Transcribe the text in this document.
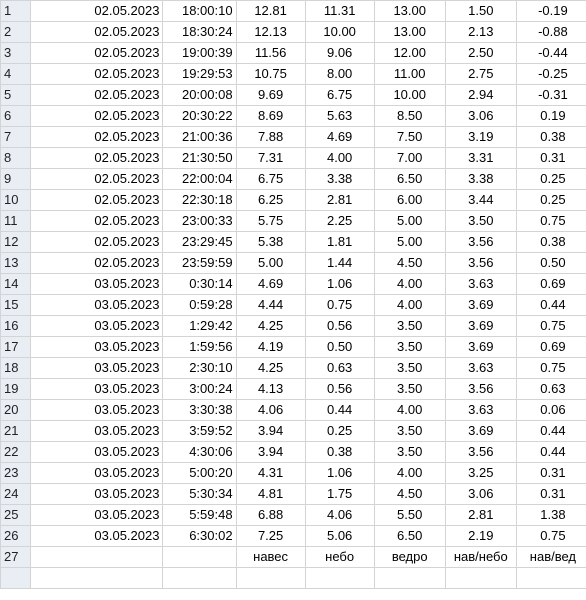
1	02.05.2023	18:00:10	12.81	11.31	13.00	1.50	-0.19
2	02.05.2023	18:30:24	12.13	10.00	13.00	2.13	-0.88
3	02.05.2023	19:00:39	11.56	9.06	12.00	2.50	-0.44
4	02.05.2023	19:29:53	10.75	8.00	11.00	2.75	-0.25
5	02.05.2023	20:00:08	9.69	6.75	10.00	2.94	-0.31
6	02.05.2023	20:30:22	8.69	5.63	8.50	3.06	0.19
7	02.05.2023	21:00:36	7.88	4.69	7.50	3.19	0.38
8	02.05.2023	21:30:50	7.31	4.00	7.00	3.31	0.31
9	02.05.2023	22:00:04	6.75	3.38	6.50	3.38	0.25
10	02.05.2023	22:30:18	6.25	2.81	6.00	3.44	0.25
11	02.05.2023	23:00:33	5.75	2.25	5.00	3.50	0.75
12	02.05.2023	23:29:45	5.38	1.81	5.00	3.56	0.38
13	02.05.2023	23:59:59	5.00	1.44	4.50	3.56	0.50
14	03.05.2023	0:30:14	4.69	1.06	4.00	3.63	0.69
15	03.05.2023	0:59:28	4.44	0.75	4.00	3.69	0.44
16	03.05.2023	1:29:42	4.25	0.56	3.50	3.69	0.75
17	03.05.2023	1:59:56	4.19	0.50	3.50	3.69	0.69
18	03.05.2023	2:30:10	4.25	0.63	3.50	3.63	0.75
19	03.05.2023	3:00:24	4.13	0.56	3.50	3.56	0.63
20	03.05.2023	3:30:38	4.06	0.44	4.00	3.63	0.06
21	03.05.2023	3:59:52	3.94	0.25	3.50	3.69	0.44
22	03.05.2023	4:30:06	3.94	0.38	3.50	3.56	0.44
23	03.05.2023	5:00:20	4.31	1.06	4.00	3.25	0.31
24	03.05.2023	5:30:34	4.81	1.75	4.50	3.06	0.31
25	03.05.2023	5:59:48	6.88	4.06	5.50	2.81	1.38
26	03.05.2023	6:30:02	7.25	5.06	6.50	2.19	0.75
27			навес	небо	ведро	нав/небо	нав/вед
